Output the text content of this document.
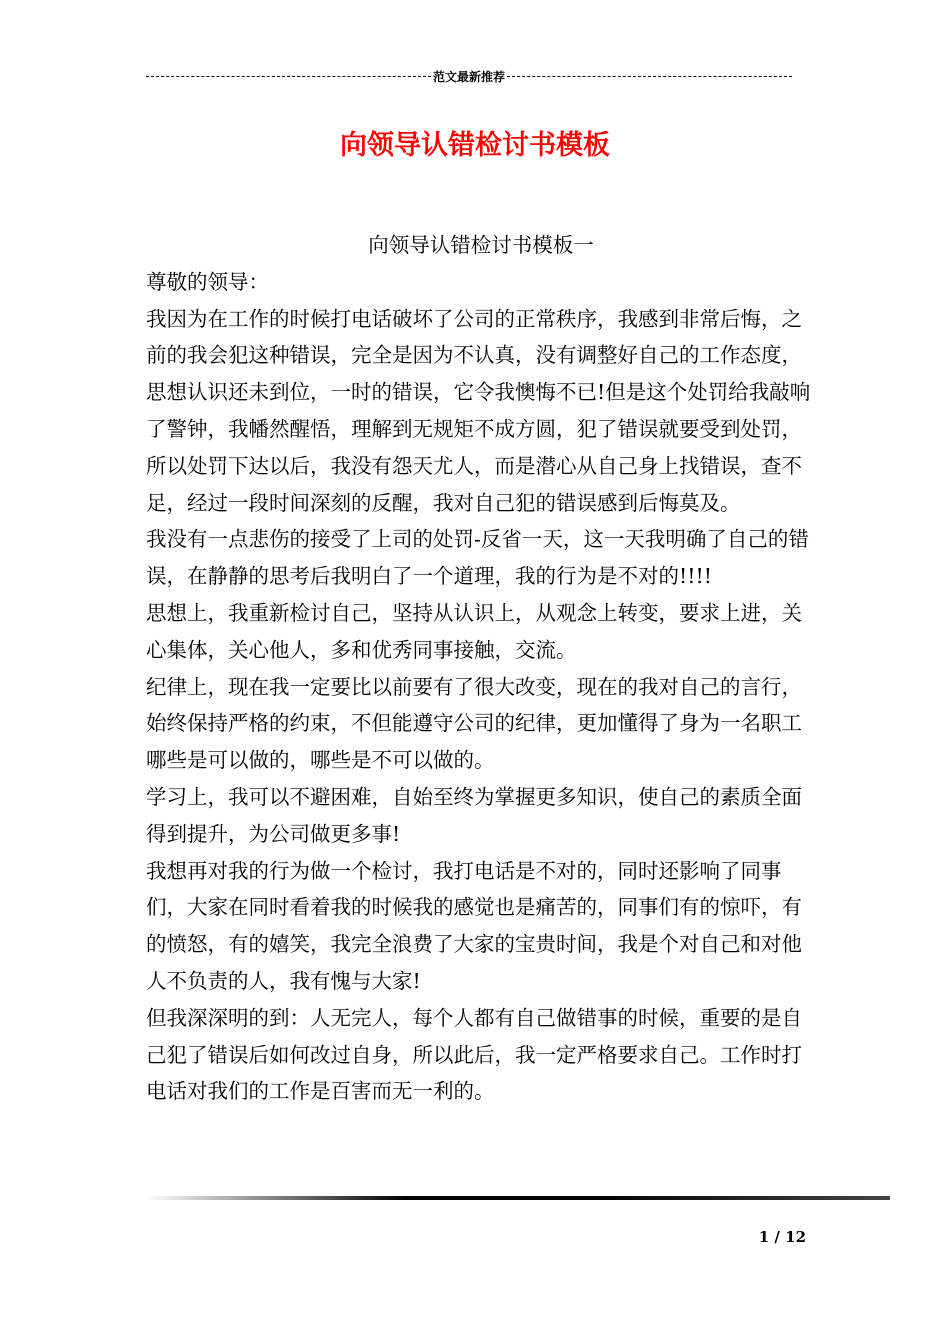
范文最新推荐
向领导认错检讨书模板

向领导认错检讨书模板一

尊敬的领导：

我因为在工作的时候打电话破坏了公司的正常秩序，我感到非常后悔，之前的我会犯这种错误，完全是因为不认真，没有调整好自己的工作态度，思想认识还未到位，一时的错误，它令我懊悔不已!但是这个处罚给我敲响了警钟，我幡然醒悟，理解到无规矩不成方圆，犯了错误就要受到处罚，所以处罚下达以后，我没有怨天尤人，而是潜心从自己身上找错误，查不足，经过一段时间深刻的反醒，我对自己犯的错误感到后悔莫及。

我没有一点悲伤的接受了上司的处罚-反省一天，这一天我明确了自己的错误，在静静的思考后我明白了一个道理，我的行为是不对的!!!!

思想上，我重新检讨自己，坚持从认识上，从观念上转变，要求上进，关心集体，关心他人，多和优秀同事接触，交流。

纪律上，现在我一定要比以前要有了很大改变，现在的我对自己的言行，始终保持严格的约束，不但能遵守公司的纪律，更加懂得了身为一名职工哪些是可以做的，哪些是不可以做的。

学习上，我可以不避困难，自始至终为掌握更多知识，使自己的素质全面得到提升，为公司做更多事!

我想再对我的行为做一个检讨，我打电话是不对的，同时还影响了同事们，大家在同时看着我的时候我的感觉也是痛苦的，同事们有的惊吓，有的愤怒，有的嬉笑，我完全浪费了大家的宝贵时间，我是个对自己和对他人不负责的人，我有愧与大家!

但我深深明的到：人无完人，每个人都有自己做错事的时候，重要的是自己犯了错误后如何改过自身，所以此后，我一定严格要求自己。工作时打电话对我们的工作是百害而无一利的。

1 / 12
